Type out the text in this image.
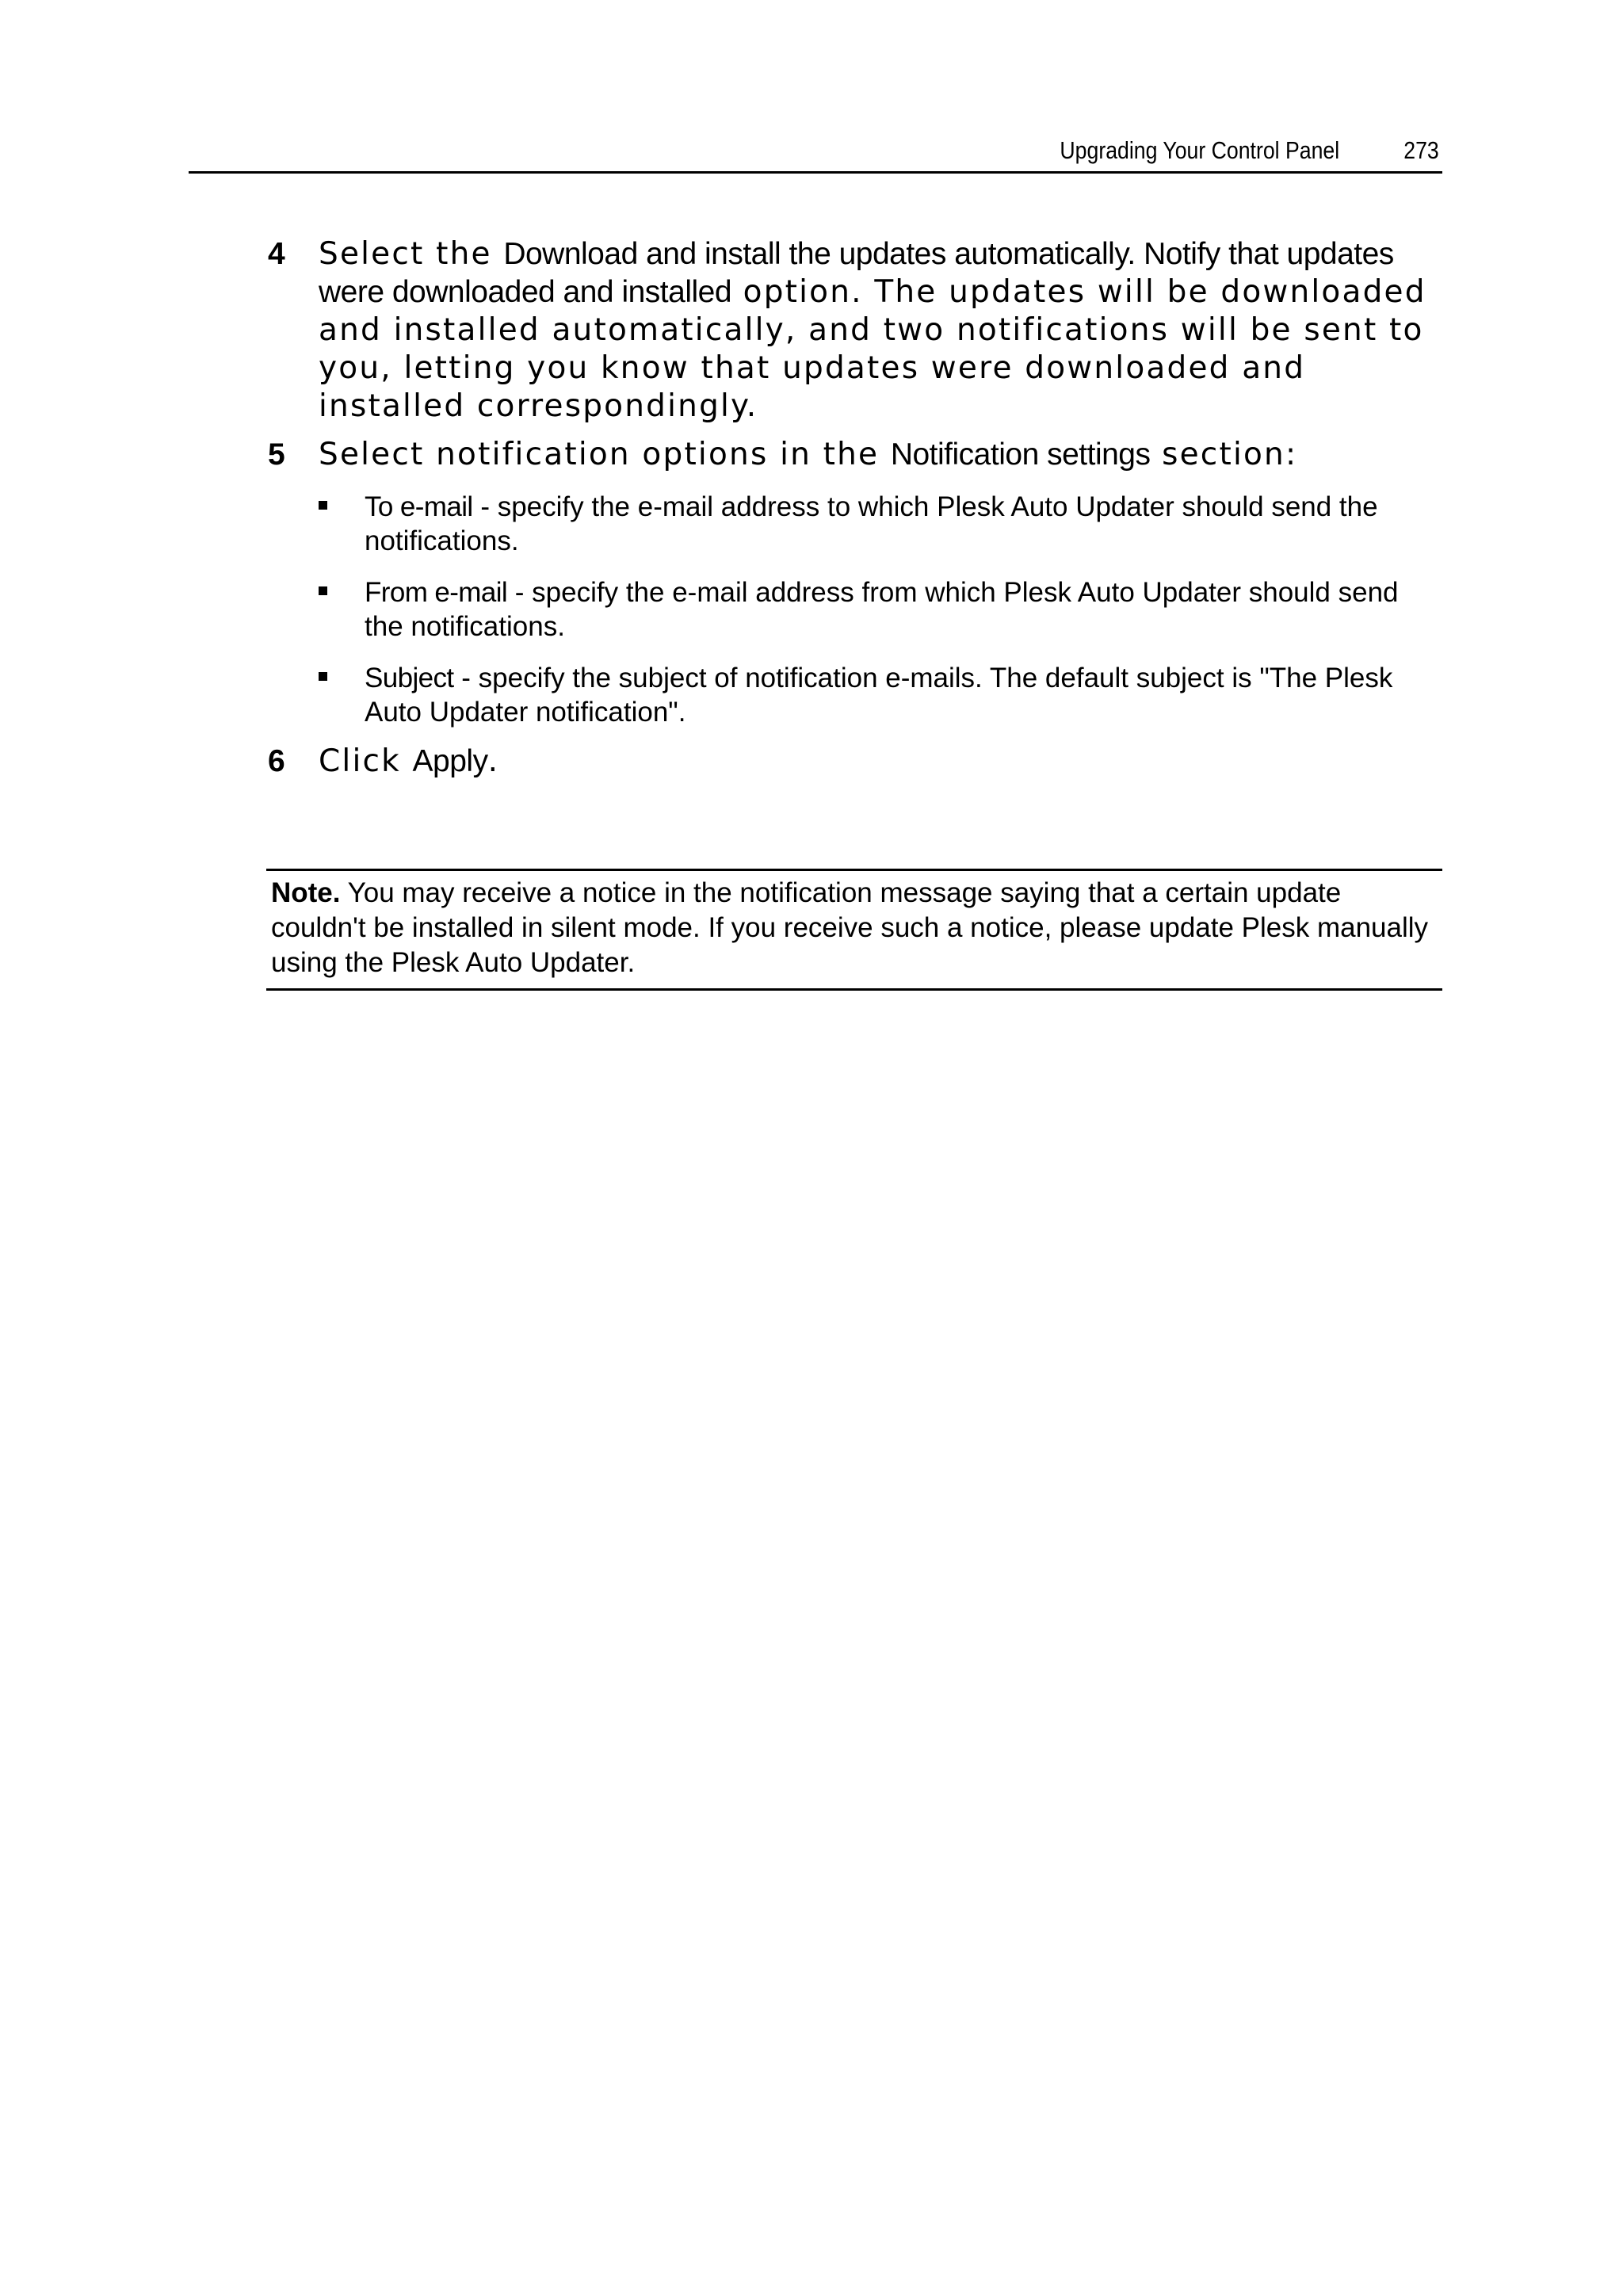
Upgrading Your Control Panel	273
4 Select the Download and install the updates automatically. Notify that updates were downloaded and installed option. The updates will be downloaded and installed automatically, and two notifications will be sent to you, letting you know that updates were downloaded and installed correspondingly.
5 Select notification options in the Notification settings section:
To e-mail - specify the e-mail address to which Plesk Auto Updater should send the notifications.
From e-mail - specify the e-mail address from which Plesk Auto Updater should send the notifications.
Subject - specify the subject of notification e-mails. The default subject is "The Plesk Auto Updater notification".
6 Click Apply.
Note. You may receive a notice in the notification message saying that a certain update couldn't be installed in silent mode. If you receive such a notice, please update Plesk manually using the Plesk Auto Updater.
